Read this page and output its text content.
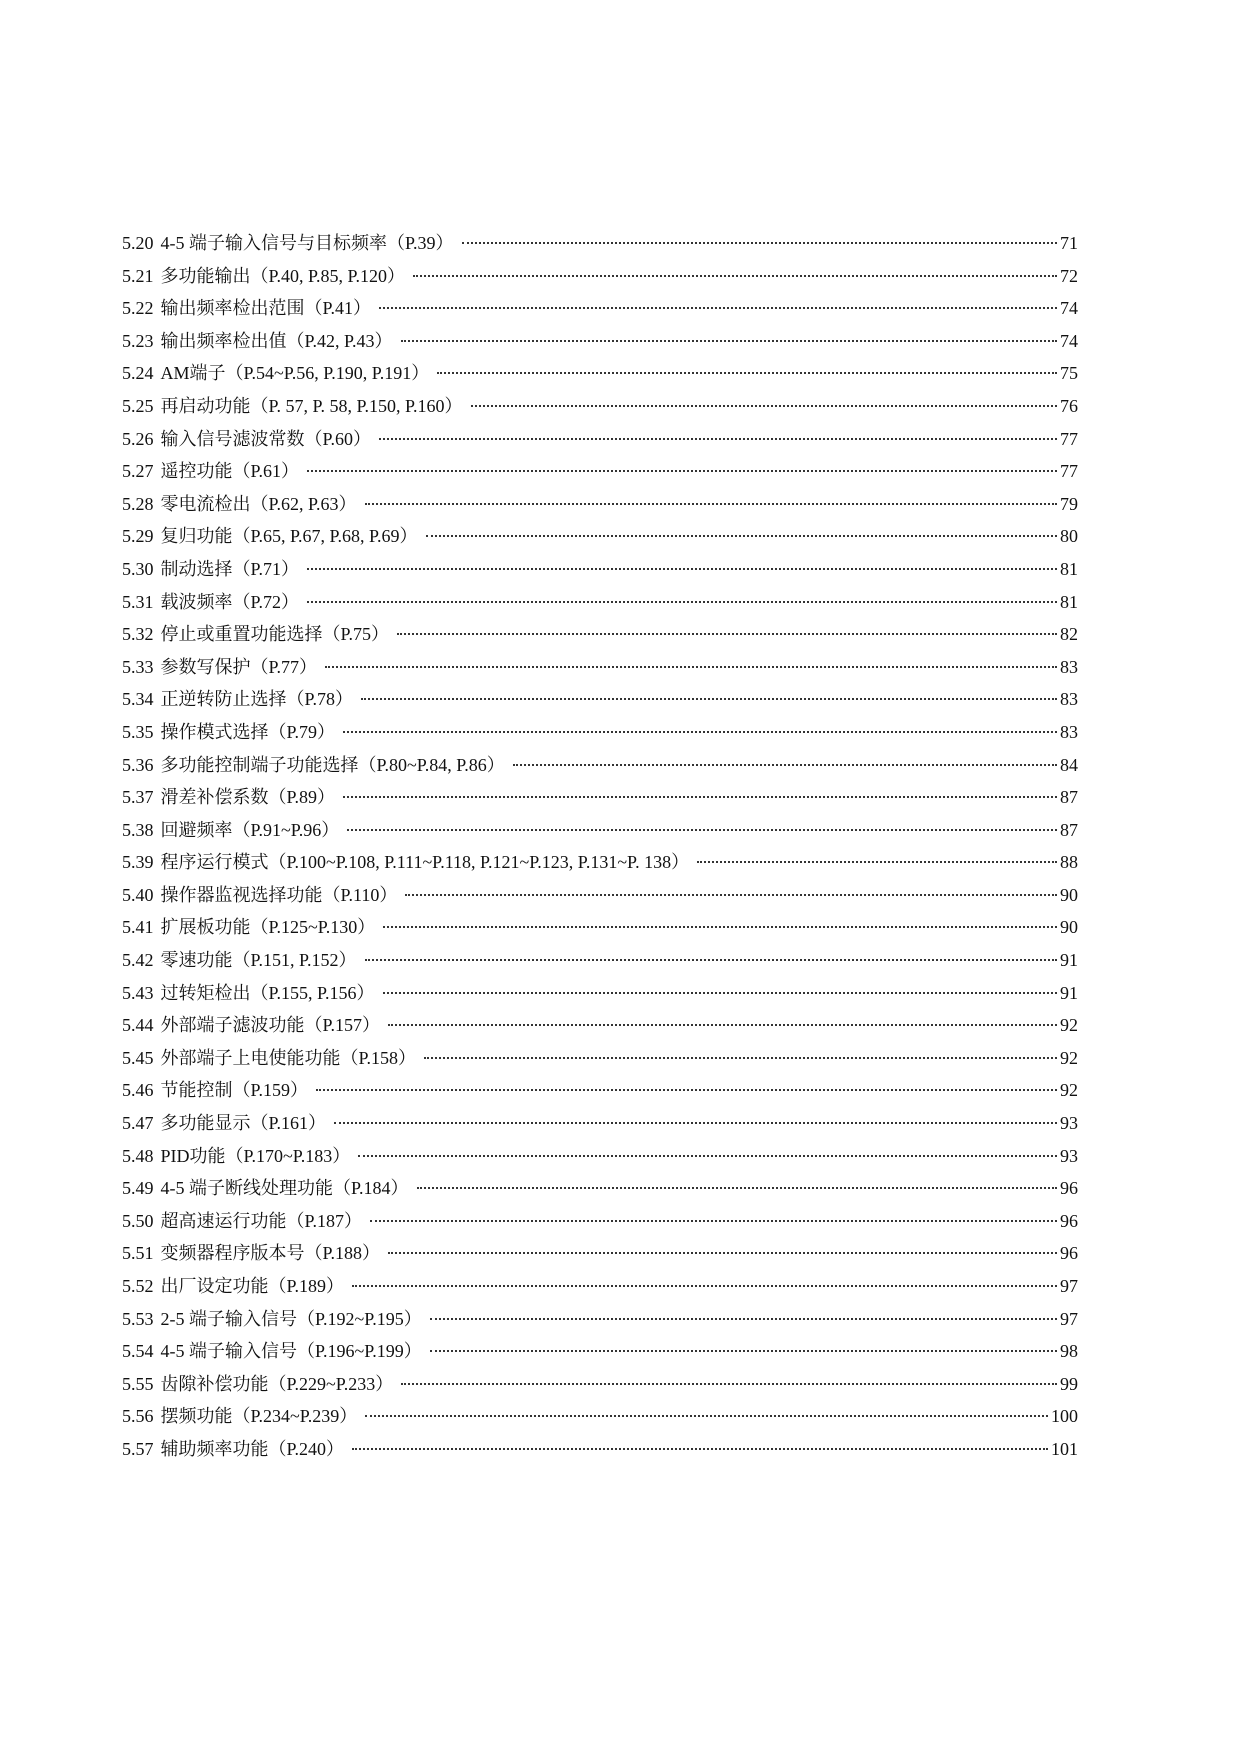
5.20 4-5 端子输入信号与目标频率（P.39）	71
5.21 多功能输出（P.40, P.85, P.120）	72
5.22 输出频率检出范围（P.41）	74
5.23 输出频率检出值（P.42, P.43）	74
5.24 AM端子（P.54~P.56, P.190, P.191）	75
5.25 再启动功能（P. 57, P. 58, P.150, P.160）	76
5.26 输入信号滤波常数（P.60）	77
5.27 遥控功能（P.61）	77
5.28 零电流检出（P.62, P.63）	79
5.29 复归功能（P.65, P.67, P.68, P.69）	80
5.30 制动选择（P.71）	81
5.31 载波频率（P.72）	81
5.32 停止或重置功能选择（P.75）	82
5.33 参数写保护（P.77）	83
5.34 正逆转防止选择（P.78）	83
5.35 操作模式选择（P.79）	83
5.36 多功能控制端子功能选择（P.80~P.84, P.86）	84
5.37 滑差补偿系数（P.89）	87
5.38 回避频率（P.91~P.96）	87
5.39 程序运行模式（P.100~P.108, P.111~P.118, P.121~P.123, P.131~P. 138）	88
5.40 操作器监视选择功能（P.110）	90
5.41 扩展板功能（P.125~P.130）	90
5.42 零速功能（P.151, P.152）	91
5.43 过转矩检出（P.155, P.156）	91
5.44 外部端子滤波功能（P.157）	92
5.45 外部端子上电使能功能（P.158）	92
5.46 节能控制（P.159）	92
5.47 多功能显示（P.161）	93
5.48 PID功能（P.170~P.183）	93
5.49 4-5 端子断线处理功能（P.184）	96
5.50 超高速运行功能（P.187）	96
5.51 变频器程序版本号（P.188）	96
5.52 出厂设定功能（P.189）	97
5.53 2-5 端子输入信号（P.192~P.195）	97
5.54 4-5 端子输入信号（P.196~P.199）	98
5.55 齿隙补偿功能（P.229~P.233）	99
5.56 摆频功能（P.234~P.239）	100
5.57 辅助频率功能（P.240）	101
